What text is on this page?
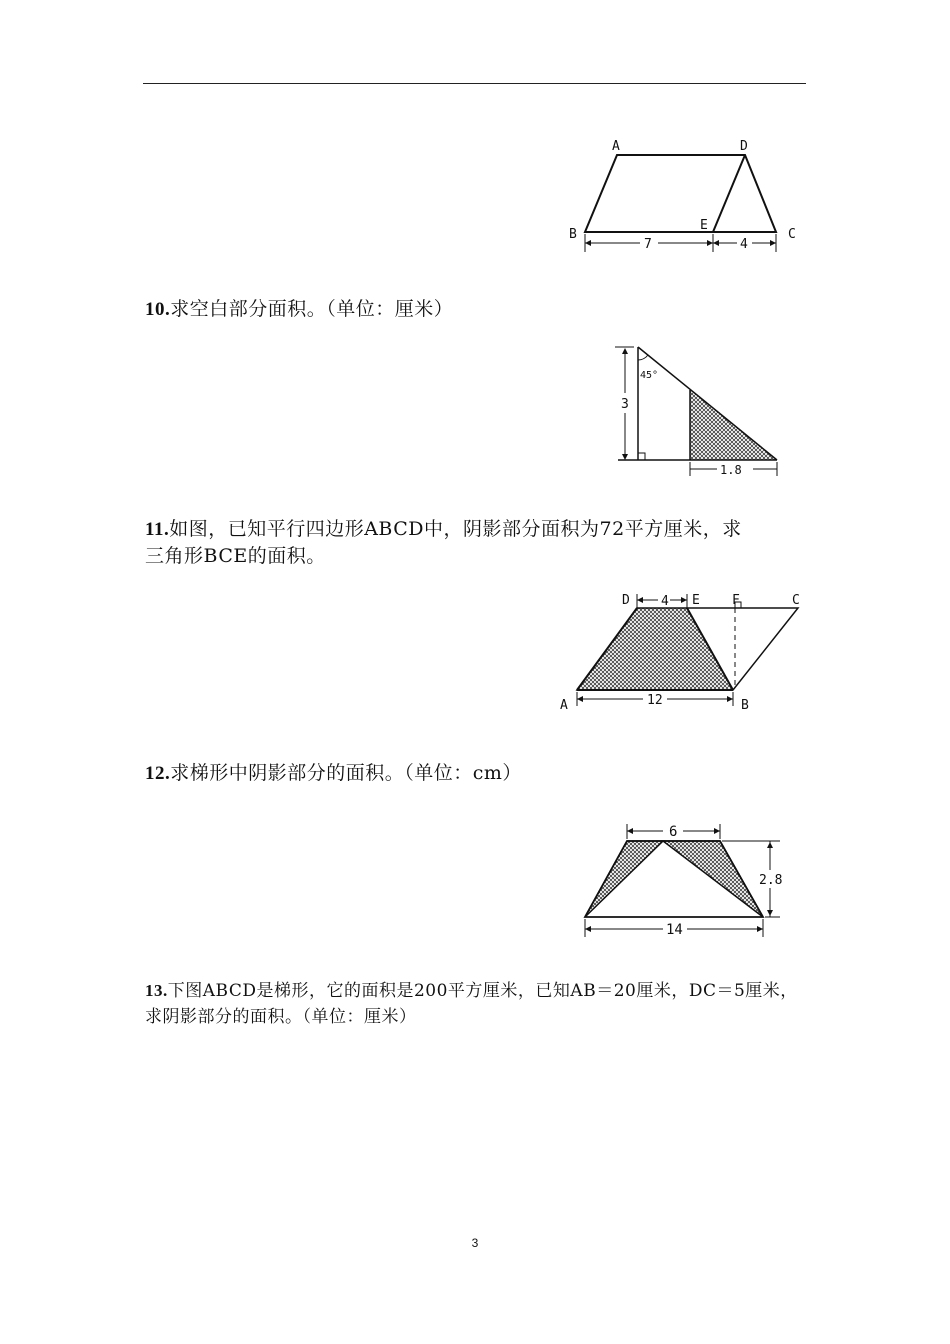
A	D
B
E
C
7	4
10.求空白部分面积。（单位：厘米）
45°
3
1.8
11.如图，已知平行四边形ABCD中，阴影部分面积为72平方厘米，求
三角形BCE的面积。
D	E F	C
A	B
4
12
12.求梯形中阴影部分的面积。（单位：cm）
6
2.8
14
13.下图ABCD是梯形，它的面积是200平方厘米，已知AB＝20厘米，DC＝5厘米，
求阴影部分的面积。（单位：厘米）
3
